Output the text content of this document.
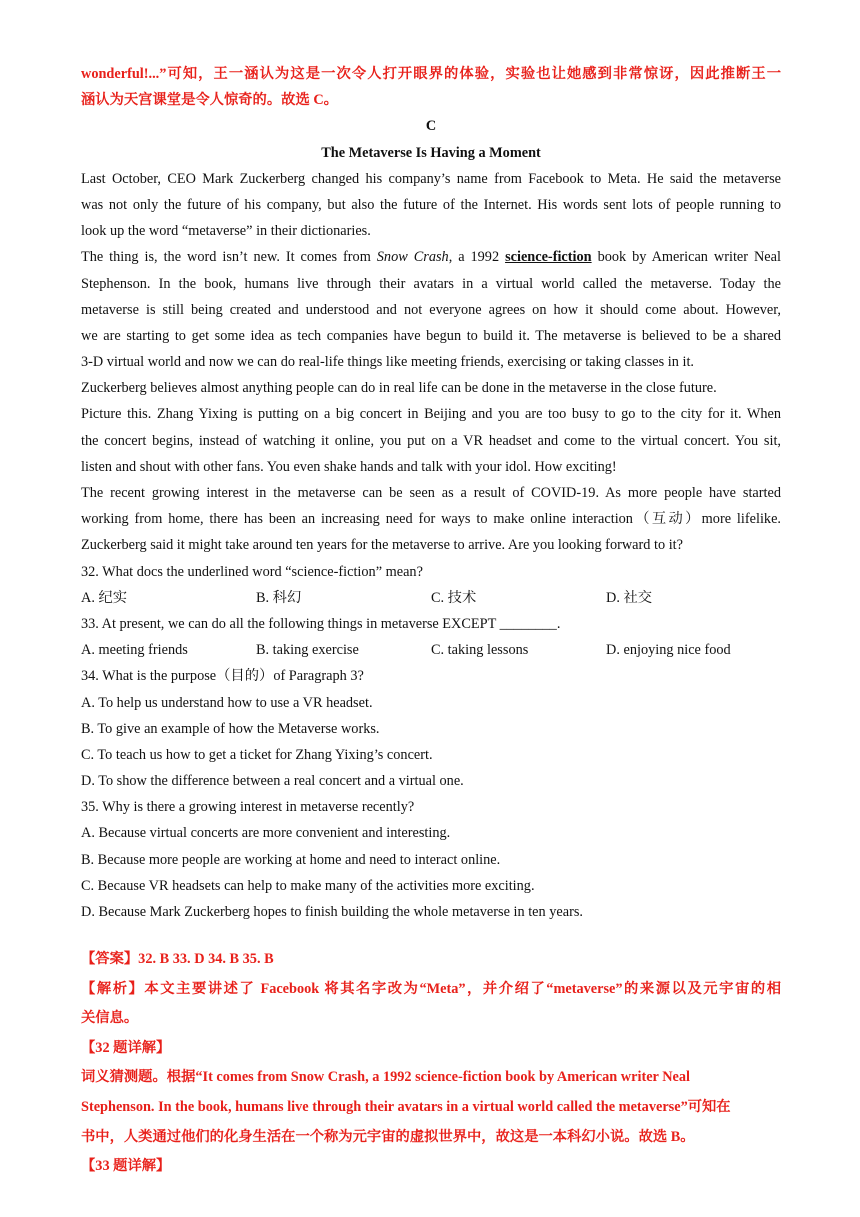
wonderful!...”可知，王一涵认为这是一次令人打开眼界的体验，实验也让她感到非常惊讶，因此推断王一
涵认为天宫课堂是令人惊奇的。故选 C。
C
The Metaverse Is Having a Moment
Last October, CEO Mark Zuckerberg changed his company’s name from Facebook to Meta. He said the metaverse
was not only the future of his company, but also the future of the Internet. His words sent lots of people running to
look up the word “metaverse” in their dictionaries.
The thing is, the word isn’t new. It comes from Snow Crash, a 1992 science-fiction book by American writer Neal
Stephenson. In the book, humans live through their avatars in a virtual world called the metaverse. Today the
metaverse is still being created and understood and not everyone agrees on how it should come about. However,
we are starting to get some idea as tech companies have begun to build it. The metaverse is believed to be a shared
3-D virtual world and now we can do real-life things like meeting friends, exercising or taking classes in it.
Zuckerberg believes almost anything people can do in real life can be done in the metaverse in the close future.
Picture this. Zhang Yixing is putting on a big concert in Beijing and you are too busy to go to the city for it. When
the concert begins, instead of watching it online, you put on a VR headset and come to the virtual concert. You sit,
listen and shout with other fans. You even shake hands and talk with your idol. How exciting!
The recent growing interest in the metaverse can be seen as a result of COVID-19. As more people have started
working from home, there has been an increasing need for ways to make online interaction（互动）more lifelike.
Zuckerberg said it might take around ten years for the metaverse to arrive. Are you looking forward to it?
32. What docs the underlined word “science-fiction” mean?
A. 纪实	B. 科幻	C. 技术	D. 社交
33. At present, we can do all the following things in metaverse EXCEPT ________.
A. meeting friends	B. taking exercise	C. taking lessons	D. enjoying nice food
34. What is the purpose（目的）of Paragraph 3?
A. To help us understand how to use a VR headset.
B. To give an example of how the Metaverse works.
C. To teach us how to get a ticket for Zhang Yixing’s concert.
D. To show the difference between a real concert and a virtual one.
35. Why is there a growing interest in metaverse recently?
A. Because virtual concerts are more convenient and interesting.
B. Because more people are working at home and need to interact online.
C. Because VR headsets can help to make many of the activities more exciting.
D. Because Mark Zuckerberg hopes to finish building the whole metaverse in ten years.
【答案】32. B 33. D 34. B 35. B
【解析】本文主要讲述了 Facebook 将其名字改为“Meta”，并介绍了“metaverse”的来源以及元宇宙的相
关信息。
【32 题详解】
词义猜测题。根据“It comes from Snow Crash, a 1992 science-fiction book by American writer Neal
Stephenson. In the book, humans live through their avatars in a virtual world called the metaverse”可知在
书中，人类通过他们的化身生活在一个称为元宇宙的虚拟世界中，故这是一本科幻小说。故选 B。
【33 题详解】
